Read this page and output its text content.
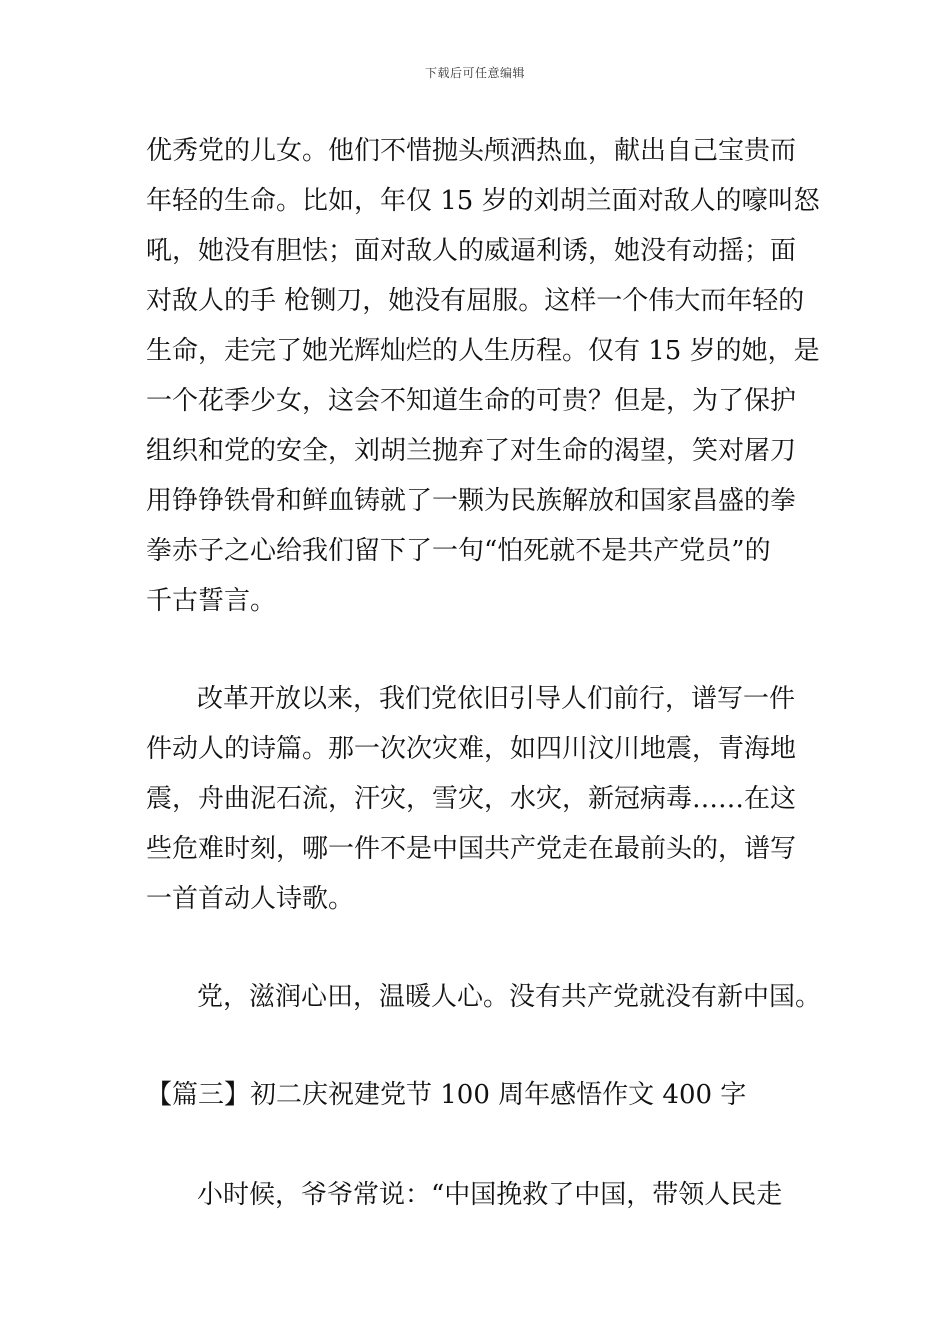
下载后可任意编辑
优秀党的儿女。他们不惜抛头颅洒热血，献出自己宝贵而
年轻的生命。比如，年仅 15 岁的刘胡兰面对敌人的嚎叫怒
吼，她没有胆怯；面对敌人的威逼利诱，她没有动摇；面
对敌人的手 枪铡刀，她没有屈服。这样一个伟大而年轻的
生命，走完了她光辉灿烂的人生历程。仅有 15 岁的她，是
一个花季少女，这会不知道生命的可贵？但是，为了保护
组织和党的安全，刘胡兰抛弃了对生命的渴望，笑对屠刀
用铮铮铁骨和鲜血铸就了一颗为民族解放和国家昌盛的拳
拳赤子之心给我们留下了一句“怕死就不是共产党员”的
千古誓言。
改革开放以来，我们党依旧引导人们前行，谱写一件
件动人的诗篇。那一次次灾难，如四川汶川地震，青海地
震，舟曲泥石流，汗灾，雪灾，水灾，新冠病毒……在这
些危难时刻，哪一件不是中国共产党走在最前头的，谱写
一首首动人诗歌。
党，滋润心田，温暖人心。没有共产党就没有新中国。
【篇三】初二庆祝建党节 100 周年感悟作文 400 字
小时候，爷爷常说：“中国挽救了中国，带领人民走
